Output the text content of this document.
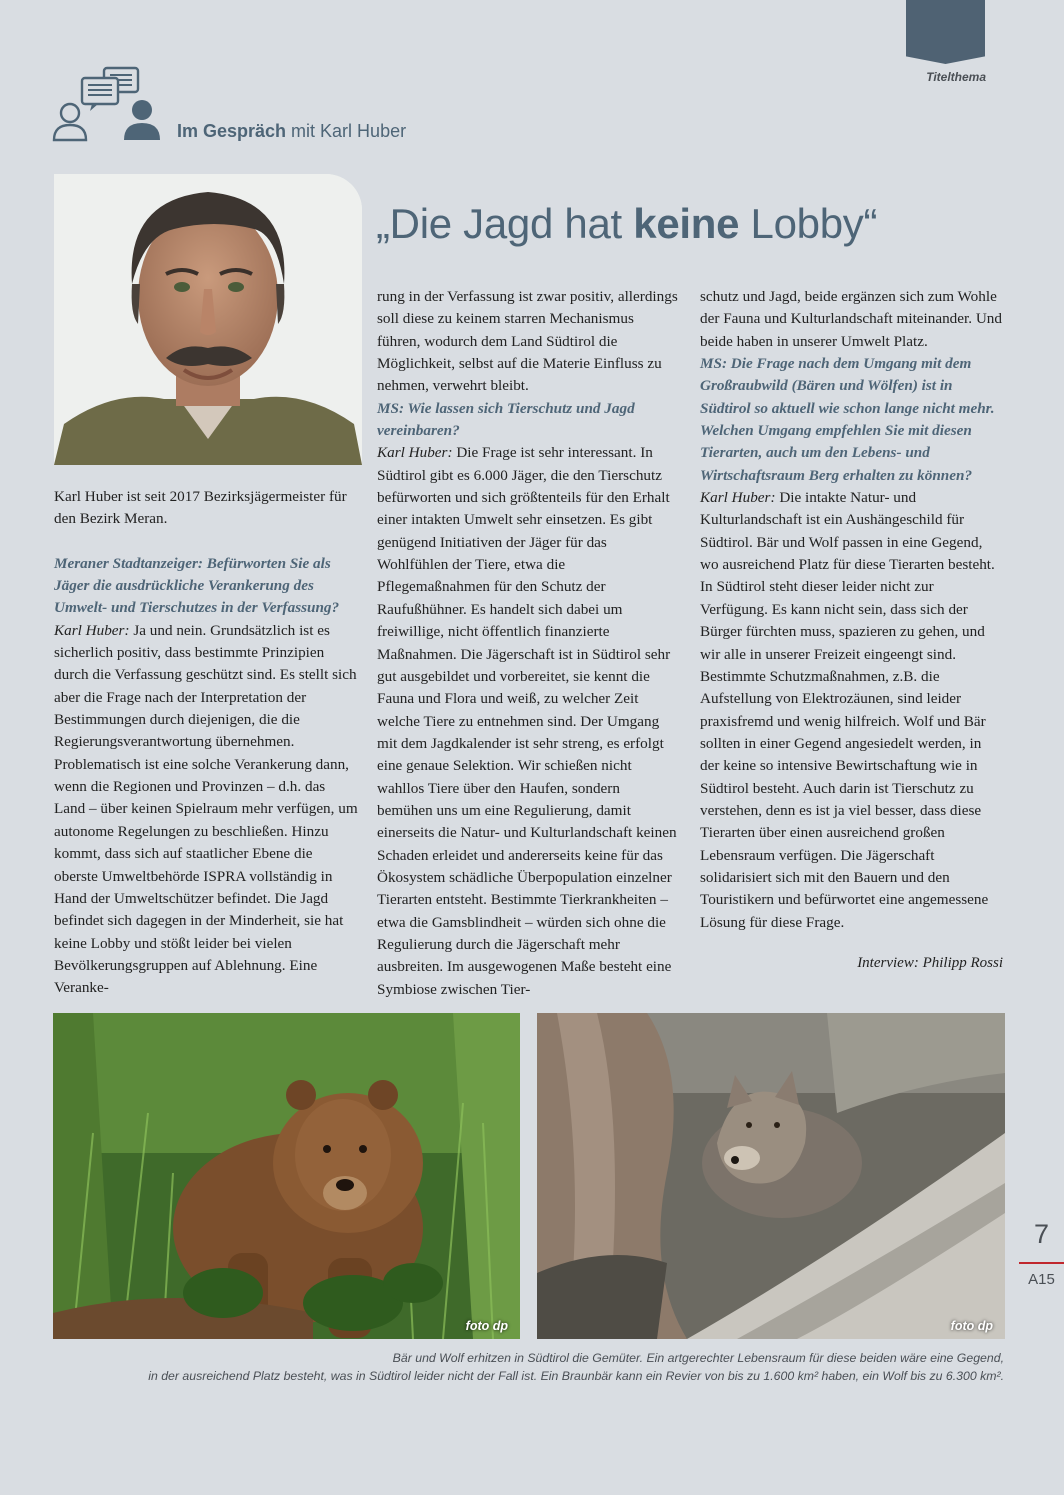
Titelthema
Im Gespräch mit Karl Huber
„Die Jagd hat keine Lobby“

Karl Huber ist seit 2017 Bezirksjägermeister für den Bezirk Meran.

Meraner Stadtanzeiger: Befürworten Sie als Jäger die ausdrückliche Verankerung des Umwelt- und Tierschutzes in der Verfassung?

Karl Huber: Ja und nein. Grundsätzlich ist es sicherlich positiv, dass bestimmte Prinzipien durch die Verfassung geschützt sind. Es stellt sich aber die Frage nach der Interpretation der Bestimmungen durch diejenigen, die die Regierungsverantwortung übernehmen. Problematisch ist eine solche Verankerung dann, wenn die Regionen und Provinzen – d.h. das Land – über keinen Spielraum mehr verfügen, um autonome Regelungen zu beschließen. Hinzu kommt, dass sich auf staatlicher Ebene die oberste Umweltbehörde ISPRA vollständig in Hand der Umweltschützer befindet. Die Jagd befindet sich dagegen in der Minderheit, sie hat keine Lobby und stößt leider bei vielen Bevölkerungsgruppen auf Ablehnung. Eine Veranke-

rung in der Verfassung ist zwar positiv, allerdings soll diese zu keinem starren Mechanismus führen, wodurch dem Land Südtirol die Möglichkeit, selbst auf die Materie Einfluss zu nehmen, verwehrt bleibt.

MS: Wie lassen sich Tierschutz und Jagd vereinbaren?

Karl Huber: Die Frage ist sehr interessant. In Südtirol gibt es 6.000 Jäger, die den Tierschutz befürworten und sich größtenteils für den Erhalt einer intakten Umwelt sehr einsetzen. Es gibt genügend Initiativen der Jäger für das Wohlfühlen der Tiere, etwa die Pflegemaßnahmen für den Schutz der Raufußhühner. Es handelt sich dabei um freiwillige, nicht öffentlich finanzierte Maßnahmen. Die Jägerschaft ist in Südtirol sehr gut ausgebildet und vorbereitet, sie kennt die Fauna und Flora und weiß, zu welcher Zeit welche Tiere zu entnehmen sind. Der Umgang mit dem Jagdkalender ist sehr streng, es erfolgt eine genaue Selektion. Wir schießen nicht wahllos Tiere über den Haufen, sondern bemühen uns um eine Regulierung, damit einerseits die Natur- und Kulturlandschaft keinen Schaden erleidet und andererseits keine für das Ökosystem schädliche Überpopulation einzelner Tierarten entsteht. Bestimmte Tierkrankheiten – etwa die Gamsblindheit – würden sich ohne die Regulierung durch die Jägerschaft mehr ausbreiten. Im ausgewogenen Maße besteht eine Symbiose zwischen Tier-

schutz und Jagd, beide ergänzen sich zum Wohle der Fauna und Kulturlandschaft miteinander. Und beide haben in unserer Umwelt Platz.

MS: Die Frage nach dem Umgang mit dem Großraubwild (Bären und Wölfen) ist in Südtirol so aktuell wie schon lange nicht mehr. Welchen Umgang empfehlen Sie mit diesen Tierarten, auch um den Lebens- und Wirtschaftsraum Berg erhalten zu können?

Karl Huber: Die intakte Natur- und Kulturlandschaft ist ein Aushängeschild für Südtirol. Bär und Wolf passen in eine Gegend, wo ausreichend Platz für diese Tierarten besteht. In Südtirol steht dieser leider nicht zur Verfügung. Es kann nicht sein, dass sich der Bürger fürchten muss, spazieren zu gehen, und wir alle in unserer Freizeit eingeengt sind. Bestimmte Schutzmaßnahmen, z.B. die Aufstellung von Elektrozäunen, sind leider praxisfremd und wenig hilfreich. Wolf und Bär sollten in einer Gegend angesiedelt werden, in der keine so intensive Bewirtschaftung wie in Südtirol besteht. Auch darin ist Tierschutz zu verstehen, denn es ist ja viel besser, dass diese Tierarten über einen ausreichend großen Lebensraum verfügen. Die Jägerschaft solidarisiert sich mit den Bauern und den Touristikern und befürwortet eine angemessene Lösung für diese Frage.

Interview: Philipp Rossi
foto dp	foto dp
Bär und Wolf erhitzen in Südtirol die Gemüter. Ein artgerechter Lebensraum für diese beiden wäre eine Gegend,
in der ausreichend Platz besteht, was in Südtirol leider nicht der Fall ist. Ein Braunbär kann ein Revier von bis zu 1.600 km² haben, ein Wolf bis zu 6.300 km².
7
A15
